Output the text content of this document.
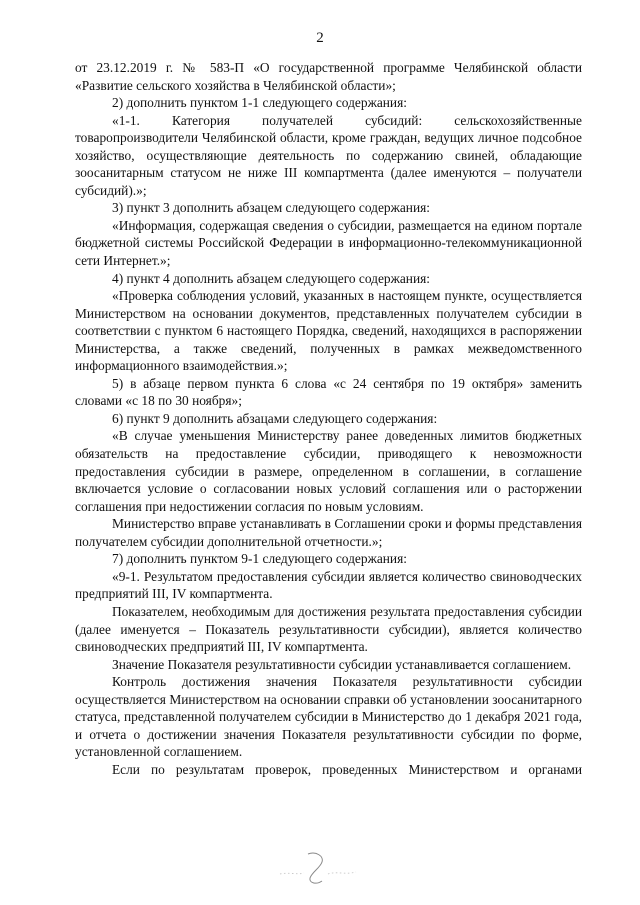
2

от 23.12.2019 г. № 583-П «О государственной программе Челябинской области «Развитие сельского хозяйства в Челябинской области»;

2) дополнить пунктом 1-1 следующего содержания:

«1-1. Категория получателей субсидий: сельскохозяйственные товаропроизводители Челябинской области, кроме граждан, ведущих личное подсобное хозяйство, осуществляющие деятельность по содержанию свиней, обладающие зоосанитарным статусом не ниже III компартмента (далее именуются – получатели субсидий).»;

3) пункт 3 дополнить абзацем следующего содержания:

«Информация, содержащая сведения о субсидии, размещается на едином портале бюджетной системы Российской Федерации в информационно-телекоммуникационной сети Интернет.»;

4) пункт 4 дополнить абзацем следующего содержания:

«Проверка соблюдения условий, указанных в настоящем пункте, осуществляется Министерством на основании документов, представленных получателем субсидии в соответствии с пунктом 6 настоящего Порядка, сведений, находящихся в распоряжении Министерства, а также сведений, полученных в рамках межведомственного информационного взаимодействия.»;

5) в абзаце первом пункта 6 слова «с 24 сентября по 19 октября» заменить словами «с 18 по 30 ноября»;

6) пункт 9 дополнить абзацами следующего содержания:

«В случае уменьшения Министерству ранее доведенных лимитов бюджетных обязательств на предоставление субсидии, приводящего к невозможности предоставления субсидии в размере, определенном в соглашении, в соглашение включается условие о согласовании новых условий соглашения или о расторжении соглашения при недостижении согласия по новым условиям.

Министерство вправе устанавливать в Соглашении сроки и формы представления получателем субсидии дополнительной отчетности.»;

7) дополнить пунктом 9-1 следующего содержания:

«9-1. Результатом предоставления субсидии является количество свиноводческих предприятий III, IV компартмента.

Показателем, необходимым для достижения результата предоставления субсидии (далее именуется – Показатель результативности субсидии), является количество свиноводческих предприятий III, IV компартмента.

Значение Показателя результативности субсидии устанавливается соглашением.

Контроль достижения значения Показателя результативности субсидии осуществляется Министерством на основании справки об установлении зоосанитарного статуса, представленной получателем субсидии в Министерство до 1 декабря 2021 года, и отчета о достижении значения Показателя результативности субсидии по форме, установленной соглашением.

Если по результатам проверок, проведенных Министерством и органами
